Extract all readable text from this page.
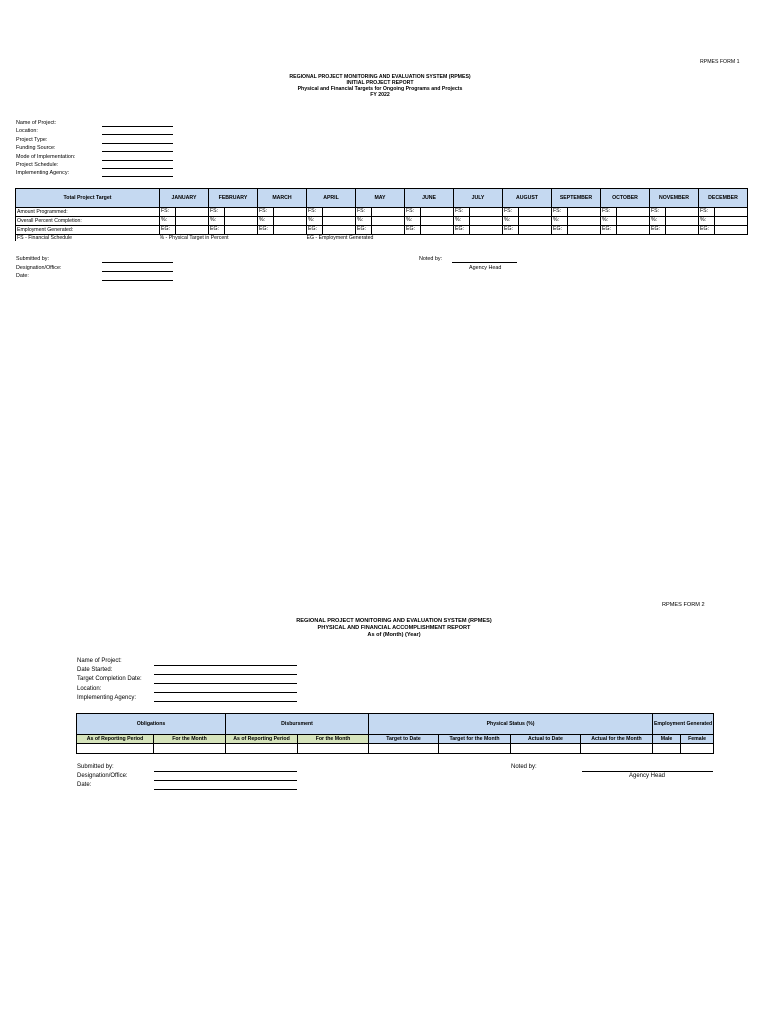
RPMES FORM 1
REGIONAL PROJECT MONITORING AND EVALUATION SYSTEM (RPMES)
INITIAL PROJECT REPORT
Physical and Financial Targets for Ongoing Programs and Projects
FY 2022
Name of Project:
Location:
Project Type:
Funding Source:
Mode of Implementation:
Project Schedule:
Implementing Agency:
Total Project Target	JANUARY	FEBRUARY	MARCH	APRIL	MAY	JUNE	JULY	AUGUST	SEPTEMBER	OCTOBER	NOVEMBER	DECEMBER
Amount Programmed:	FS:	FS:	FS:	FS:	FS:	FS:	FS:	FS:	FS:	FS:	FS:	FS:

Overall Percent Completion:	%:	%:	%:	%:	%:	%:	%:	%:	%:	%:	%:	%:

Employment Generated:	EG:	EG:	EG:	EG:	EG:	EG:	EG:	EG:	EG:	EG:	EG:	EG:

FS - Financial Schedule	% - Physical Target in Percent			EG - Employment Generated								
Submitted by:
Designation/Office:
Date:
Noted by:
Agency Head
RPMES FORM 2
REGIONAL PROJECT MONITORING AND EVALUATION SYSTEM (RPMES)
PHYSICAL AND FINANCIAL ACCOMPLISHMENT REPORT
As of (Month) (Year)
Name of Project:
Date Started:
Target Completion Date:
Location:
Implementing Agency:
Obligations		Disbursment		Physical Status (%)				Employment Generated	
As of Reporting Period	For the Month	As of Reporting Period	For the Month	Target to Date	Target for the Month	Actual to Date	Actual for the Month	Male	Female

Submitted by:
Designation/Office:
Date:
Noted by:
Agency Head
